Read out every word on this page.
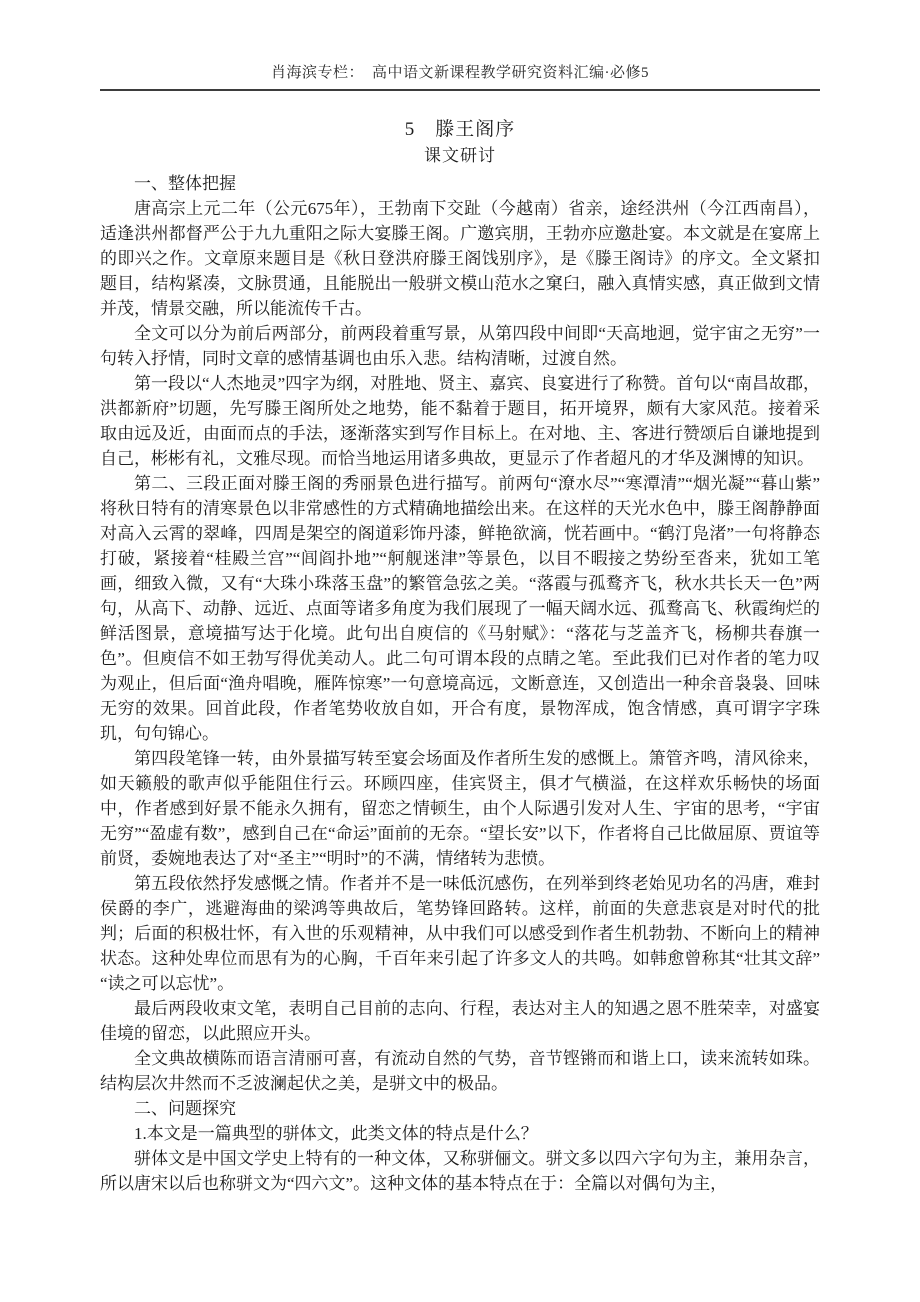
肖海滨专栏：　高中语文新课程教学研究资料汇编·必修5
5　滕王阁序
课文研讨

一、整体把握

唐高宗上元二年（公元675年），王勃南下交趾（今越南）省亲，途经洪州（今江西南昌），适逢洪州都督严公于九九重阳之际大宴滕王阁。广邀宾朋，王勃亦应邀赴宴。本文就是在宴席上的即兴之作。文章原来题目是《秋日登洪府滕王阁饯别序》，是《滕王阁诗》的序文。全文紧扣题目，结构紧凑，文脉贯通，且能脱出一般骈文模山范水之窠臼，融入真情实感，真正做到文情并茂，情景交融，所以能流传千古。

全文可以分为前后两部分，前两段着重写景，从第四段中间即“天高地迥，觉宇宙之无穷”一句转入抒情，同时文章的感情基调也由乐入悲。结构清晰，过渡自然。

第一段以“人杰地灵”四字为纲，对胜地、贤主、嘉宾、良宴进行了称赞。首句以“南昌故郡，洪都新府”切题，先写滕王阁所处之地势，能不黏着于题目，拓开境界，颇有大家风范。接着采取由远及近，由面而点的手法，逐渐落实到写作目标上。在对地、主、客进行赞颂后自谦地提到自己，彬彬有礼，文雅尽现。而恰当地运用诸多典故，更显示了作者超凡的才华及渊博的知识。

第二、三段正面对滕王阁的秀丽景色进行描写。前两句“潦水尽”“寒潭清”“烟光凝”“暮山紫”将秋日特有的清寒景色以非常感性的方式精确地描绘出来。在这样的天光水色中，滕王阁静静面对高入云霄的翠峰，四周是架空的阁道彩饰丹漆，鲜艳欲滴，恍若画中。“鹤汀凫渚”一句将静态打破，紧接着“桂殿兰宫”“闾阎扑地”“舸舰迷津”等景色，以目不暇接之势纷至沓来，犹如工笔画，细致入微，又有“大珠小珠落玉盘”的繁管急弦之美。“落霞与孤鹜齐飞，秋水共长天一色”两句，从高下、动静、远近、点面等诸多角度为我们展现了一幅天阔水远、孤鹜高飞、秋霞绚烂的鲜活图景，意境描写达于化境。此句出自庾信的《马射赋》：“落花与芝盖齐飞，杨柳共春旗一色”。但庾信不如王勃写得优美动人。此二句可谓本段的点睛之笔。至此我们已对作者的笔力叹为观止，但后面“渔舟唱晚，雁阵惊寒”一句意境高远，文断意连，又创造出一种余音袅袅、回味无穷的效果。回首此段，作者笔势收放自如，开合有度，景物浑成，饱含情感，真可谓字字珠玑，句句锦心。

第四段笔锋一转，由外景描写转至宴会场面及作者所生发的感慨上。箫管齐鸣，清风徐来，如天籁般的歌声似乎能阻住行云。环顾四座，佳宾贤主，俱才气横溢，在这样欢乐畅快的场面中，作者感到好景不能永久拥有，留恋之情顿生，由个人际遇引发对人生、宇宙的思考，“宇宙无穷”“盈虚有数”，感到自己在“命运”面前的无奈。“望长安”以下，作者将自己比做屈原、贾谊等前贤，委婉地表达了对“圣主”“明时”的不满，情绪转为悲愤。

第五段依然抒发感慨之情。作者并不是一味低沉感伤，在列举到终老始见功名的冯唐，难封侯爵的李广，逃避海曲的梁鸿等典故后，笔势锋回路转。这样，前面的失意悲哀是对时代的批判；后面的积极壮怀，有入世的乐观精神，从中我们可以感受到作者生机勃勃、不断向上的精神状态。这种处卑位而思有为的心胸，千百年来引起了许多文人的共鸣。如韩愈曾称其“壮其文辞”“读之可以忘忧”。

最后两段收束文笔，表明自己目前的志向、行程，表达对主人的知遇之恩不胜荣幸，对盛宴佳境的留恋，以此照应开头。

全文典故横陈而语言清丽可喜，有流动自然的气势，音节铿锵而和谐上口，读来流转如珠。结构层次井然而不乏波澜起伏之美，是骈文中的极品。

二、问题探究

1.本文是一篇典型的骈体文，此类文体的特点是什么？

骈体文是中国文学史上特有的一种文体，又称骈俪文。骈文多以四六字句为主，兼用杂言，所以唐宋以后也称骈文为“四六文”。这种文体的基本特点在于：全篇以对偶句为主，
